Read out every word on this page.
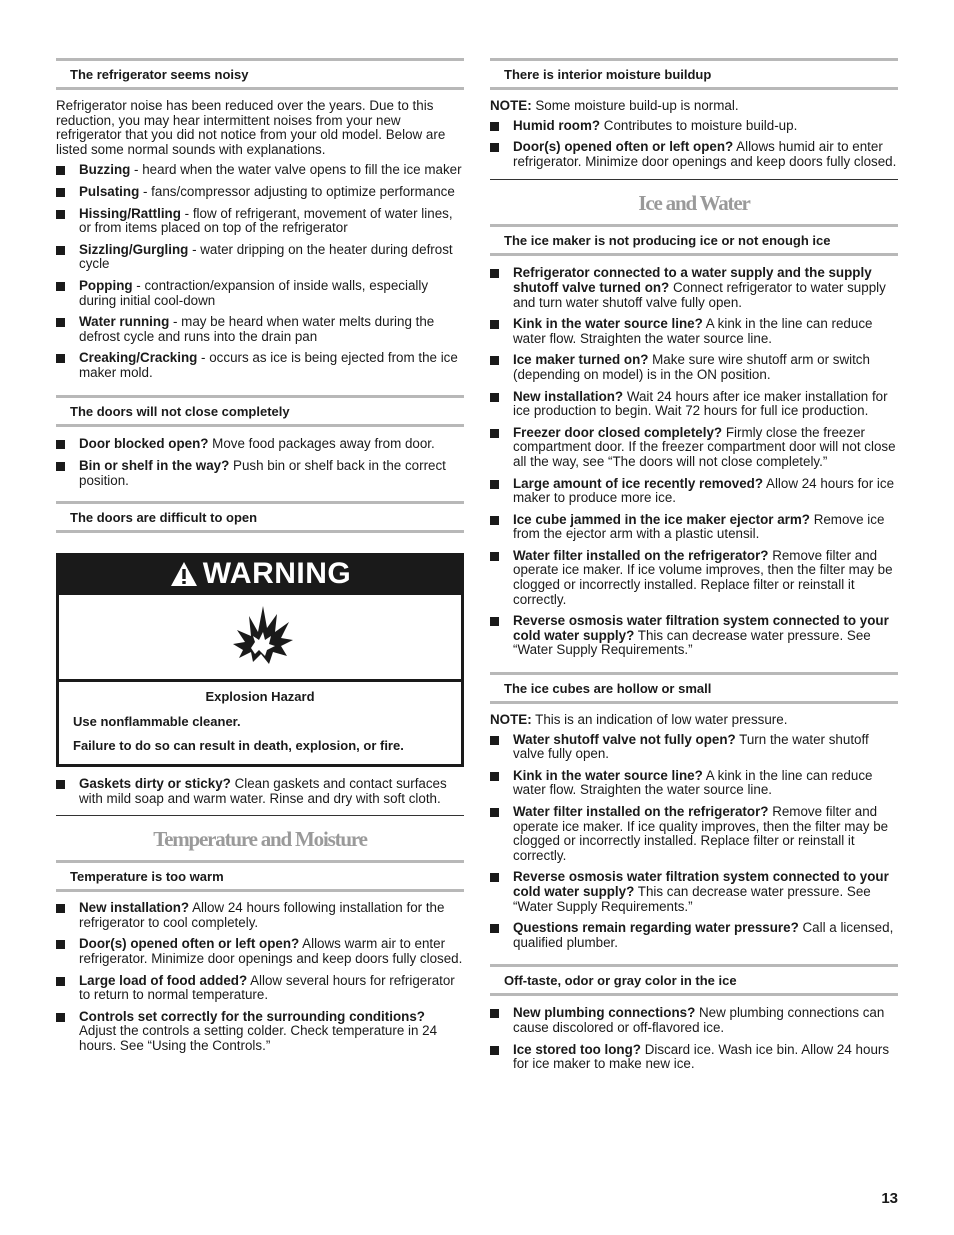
The refrigerator seems noisy

Refrigerator noise has been reduced over the years. Due to this reduction, you may hear intermittent noises from your new refrigerator that you did not notice from your old model. Below are listed some normal sounds with explanations.

Buzzing - heard when the water valve opens to fill the ice maker
Pulsating - fans/compressor adjusting to optimize performance
Hissing/Rattling - flow of refrigerant, movement of water lines, or from items placed on top of the refrigerator
Sizzling/Gurgling - water dripping on the heater during defrost cycle
Popping - contraction/expansion of inside walls, especially during initial cool-down
Water running - may be heard when water melts during the defrost cycle and runs into the drain pan
Creaking/Cracking - occurs as ice is being ejected from the ice maker mold.
The doors will not close completely
Door blocked open? Move food packages away from door.
Bin or shelf in the way? Push bin or shelf back in the correct position.
The doors are difficult to open
WARNING
Explosion Hazard
Use nonflammable cleaner.
Failure to do so can result in death, explosion, or fire.
Gaskets dirty or sticky? Clean gaskets and contact surfaces with mild soap and warm water. Rinse and dry with soft cloth.
Temperature and Moisture
Temperature is too warm
New installation? Allow 24 hours following installation for the refrigerator to cool completely.
Door(s) opened often or left open? Allows warm air to enter refrigerator. Minimize door openings and keep doors fully closed.
Large load of food added? Allow several hours for refrigerator to return to normal temperature.
Controls set correctly for the surrounding conditions? Adjust the controls a setting colder. Check temperature in 24 hours. See “Using the Controls.”
There is interior moisture buildup

NOTE: Some moisture build-up is normal.

Humid room? Contributes to moisture build-up.
Door(s) opened often or left open? Allows humid air to enter refrigerator. Minimize door openings and keep doors fully closed.
Ice and Water
The ice maker is not producing ice or not enough ice
Refrigerator connected to a water supply and the supply shutoff valve turned on? Connect refrigerator to water supply and turn water shutoff valve fully open.
Kink in the water source line? A kink in the line can reduce water flow. Straighten the water source line.
Ice maker turned on? Make sure wire shutoff arm or switch (depending on model) is in the ON position.
New installation? Wait 24 hours after ice maker installation for ice production to begin. Wait 72 hours for full ice production.
Freezer door closed completely? Firmly close the freezer compartment door. If the freezer compartment door will not close all the way, see “The doors will not close completely.”
Large amount of ice recently removed? Allow 24 hours for ice maker to produce more ice.
Ice cube jammed in the ice maker ejector arm? Remove ice from the ejector arm with a plastic utensil.
Water filter installed on the refrigerator? Remove filter and operate ice maker. If ice volume improves, then the filter may be clogged or incorrectly installed. Replace filter or reinstall it correctly.
Reverse osmosis water filtration system connected to your cold water supply? This can decrease water pressure. See “Water Supply Requirements.”
The ice cubes are hollow or small

NOTE: This is an indication of low water pressure.

Water shutoff valve not fully open? Turn the water shutoff valve fully open.
Kink in the water source line? A kink in the line can reduce water flow. Straighten the water source line.
Water filter installed on the refrigerator? Remove filter and operate ice maker. If ice quality improves, then the filter may be clogged or incorrectly installed. Replace filter or reinstall it correctly.
Reverse osmosis water filtration system connected to your cold water supply? This can decrease water pressure. See “Water Supply Requirements.”
Questions remain regarding water pressure? Call a licensed, qualified plumber.
Off-taste, odor or gray color in the ice
New plumbing connections? New plumbing connections can cause discolored or off-flavored ice.
Ice stored too long? Discard ice. Wash ice bin. Allow 24 hours for ice maker to make new ice.
13
